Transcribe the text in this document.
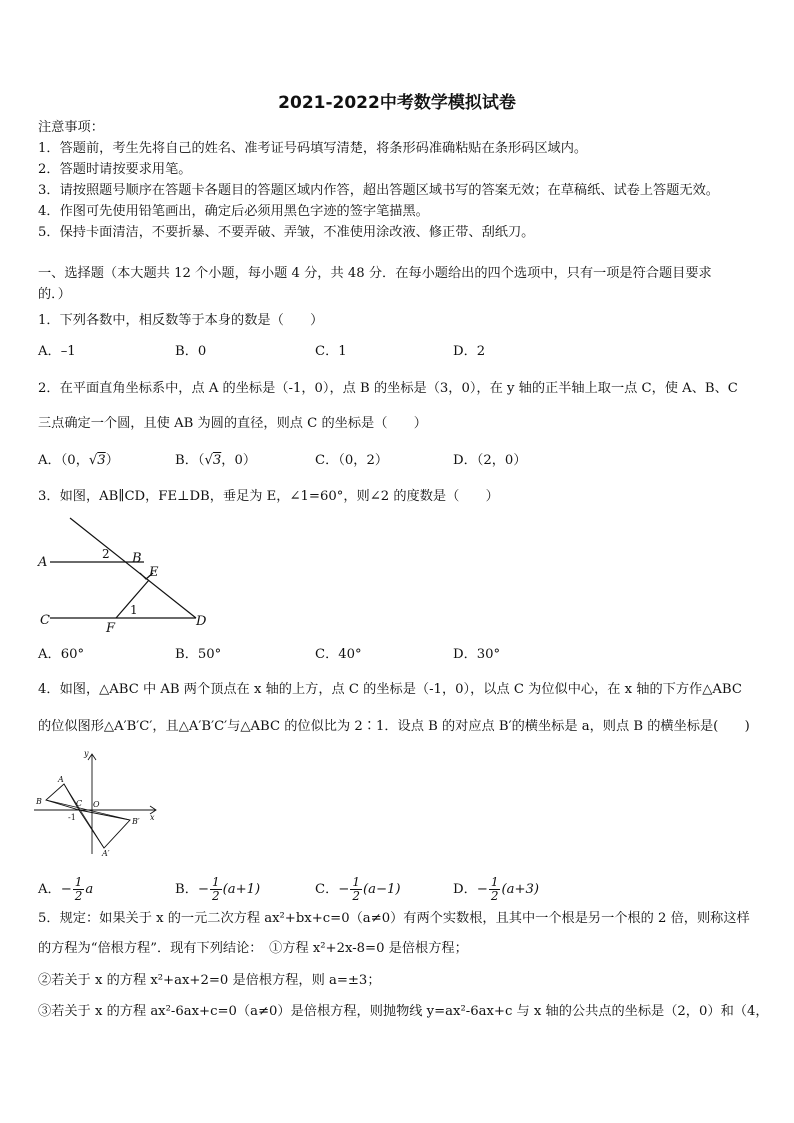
2021-2022中考数学模拟试卷
注意事项：
1．答题前，考生先将自己的姓名、准考证号码填写清楚，将条形码准确粘贴在条形码区域内。
2．答题时请按要求用笔。
3．请按照题号顺序在答题卡各题目的答题区域内作答，超出答题区域书写的答案无效；在草稿纸、试卷上答题无效。
4．作图可先使用铅笔画出，确定后必须用黑色字迹的签字笔描黑。
5．保持卡面清洁，不要折暴、不要弄破、弄皱，不准使用涂改液、修正带、刮纸刀。
一、选择题（本大题共 12 个小题，每小题 4 分，共 48 分．在每小题给出的四个选项中，只有一项是符合题目要求
的．）
1．下列各数中，相反数等于本身的数是（　　）
A．–1	B．0	C．1	D．2
2．在平面直角坐标系中，点 A 的坐标是（-1，0），点 B 的坐标是（3，0），在 y 轴的正半轴上取一点 C，使 A、B、C
三点确定一个圆，且使 AB 为圆的直径，则点 C 的坐标是（　　）
A．（0，√3）	B．（√3，0）	C．（0，2）	D．（2，0）
3．如图，AB∥CD，FE⊥DB，垂足为 E，∠1=60°，则∠2 的度数是（　　）
A	B
C	D
E
F
1
2
A．60°	B．50°	C．40°	D．30°
4．如图，△ABC 中 AB 两个顶点在 x 轴的上方，点 C 的坐标是（-1，0），以点 C 为位似中心，在 x 轴的下方作△ABC
的位似图形△A′B′C′，且△A′B′C′与△ABC 的位似比为 2∶1．设点 B 的对应点 B′的横坐标是 a，则点 B 的横坐标是(　　)
y
x
A
B	C O
B′
A′
-1
A．− $\frac{1}{2}$ a	B．− $\frac{1}{2} (a+1)$	C．− $\frac{1}{2} (a-1)$	D．− $\frac{1}{2} (a+3)$
5．规定：如果关于 x 的一元二次方程 ax²+bx+c=0（a≠0）有两个实数根，且其中一个根是另一个根的 2 倍，则称这样
的方程为“倍根方程”．现有下列结论：　①方程 x²+2x-8=0 是倍根方程；
②若关于 x 的方程 x²+ax+2=0 是倍根方程，则 a=±3；
③若关于 x 的方程 ax²-6ax+c=0（a≠0）是倍根方程，则抛物线 y=ax²-6ax+c 与 x 轴的公共点的坐标是（2，0）和（4，
